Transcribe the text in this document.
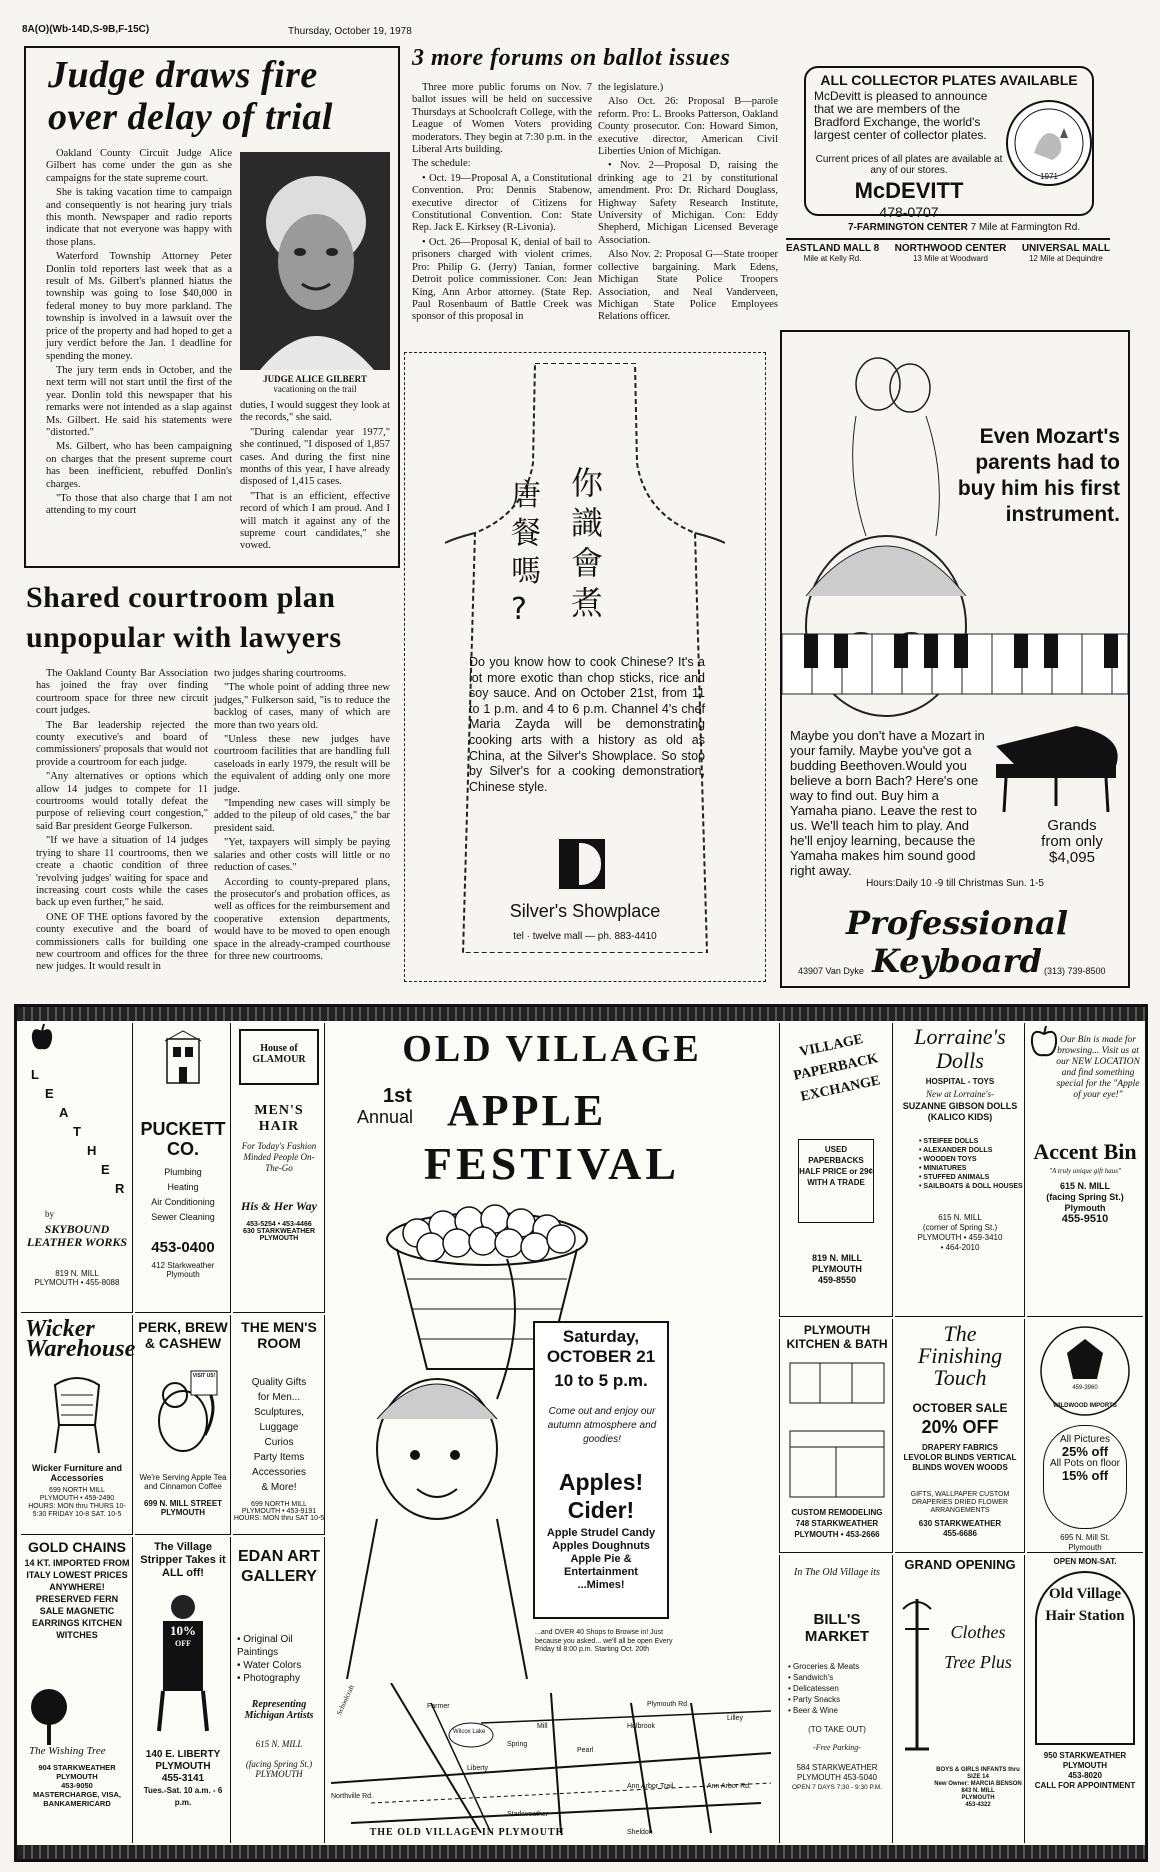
8A(O)(Wb-14D,S-9B,F-15C)	Thursday, October 19, 1978
Judge draws fire
over delay of trial

Oakland County Circuit Judge Alice Gilbert has come under the gun as she campaigns for the state supreme court.

She is taking vacation time to campaign and consequently is not hearing jury trials this month. Newspaper and radio reports indicate that not everyone was happy with those plans.

Waterford Township Attorney Peter Donlin told reporters last week that as a result of Ms. Gilbert's planned hiatus the township was going to lose $40,000 in federal money to buy more parkland. The township is involved in a lawsuit over the price of the property and had hoped to get a jury verdict before the Jan. 1 deadline for spending the money.

The jury term ends in October, and the next term will not start until the first of the year. Donlin told this newspaper that his remarks were not intended as a slap against Ms. Gilbert. He said his statements were "distorted."

Ms. Gilbert, who has been campaigning on charges that the present supreme court has been inefficient, rebuffed Donlin's charges.

"To those that also charge that I am not attending to my court

JUDGE ALICE GILBERT
vacationing on the trail

duties, I would suggest they look at the records," she said.

"During calendar year 1977," she continued, "I disposed of 1,857 cases. And during the first nine months of this year, I have already disposed of 1,415 cases.

"That is an efficient, effective record of which I am proud. And I will match it against any of the supreme court candidates," she vowed.

3 more forums on ballot issues

Three more public forums on Nov. 7 ballot issues will be held on successive Thursdays at Schoolcraft College, with the League of Women Voters providing moderators. They begin at 7:30 p.m. in the Liberal Arts building.

The schedule:

• Oct. 19—Proposal A, a Constitutional Convention. Pro: Dennis Stabenow, executive director of Citizens for Constitutional Convention. Con: State Rep. Jack E. Kirksey (R-Livonia).

• Oct. 26—Proposal K, denial of bail to prisoners charged with violent crimes. Pro: Philip G. (Jerry) Tanian, former Detroit police commissioner. Con: Jean King, Ann Arbor attorney. (State Rep. Paul Rosenbaum of Battle Creek was sponsor of this proposal in

the legislature.)

Also Oct. 26: Proposal B—parole reform. Pro: L. Brooks Patterson, Oakland County prosecutor. Con: Howard Simon, executive director, American Civil Liberties Union of Michigan.

• Nov. 2—Proposal D, raising the drinking age to 21 by constitutional amendment. Pro: Dr. Richard Douglass, Highway Safety Research Institute, University of Michigan. Con: Eddy Shepherd, Michigan Licensed Beverage Association.

Also Nov. 2: Proposal G—State trooper collective bargaining. Mark Edens, Michigan State Police Troopers Association, and Neal Vanderveen, Michigan State Police Employees Relations officer.

ALL COLLECTOR PLATES AVAILABLE
McDevitt is pleased to announce that we are members of the Bradford Exchange, the world's largest center of collector plates.
Current prices of all plates are available at any of our stores.
McDEVITT
478-0707
1971
7-FARMINGTON CENTER 7 Mile at Farmington Rd.
EASTLAND MALL 8
Mile at Kelly Rd.
NORTHWOOD CENTER
13 Mile at Woodward
UNIVERSAL MALL
12 Mile at Dequindre
你
識
會
煮
唐
餐
嗎
?
Do you know how to cook Chinese? It's a lot more exotic than chop sticks, rice and soy sauce. And on October 21st, from 11 to 1 p.m. and 4 to 6 p.m. Channel 4's chef Maria Zayda will be demonstrating cooking arts with a history as old as China, at the Silver's Showplace. So stop by Silver's for a cooking demonstration, Chinese style.
Silver's Showplace
tel · twelve mall — ph. 883-4410
Even Mozart's parents had to buy him his first instrument.
Maybe you don't have a Mozart in your family. Maybe you've got a budding Beethoven.Would you believe a born Bach? Here's one way to find out. Buy him a Yamaha piano. Leave the rest to us. We'll teach him to play. And he'll enjoy learning, because the Yamaha makes him sound good right away.
Grands
from only
$4,095
Hours:Daily 10 -9 till Christmas Sun. 1-5
Professional Keyboard
43907 Van Dyke	(313) 739-8500
Shared courtroom plan
unpopular with lawyers

The Oakland County Bar Association has joined the fray over finding courtroom space for three new circuit court judges.

The Bar leadership rejected the county executive's and board of commissioners' proposals that would not provide a courtroom for each judge.

"Any alternatives or options which allow 14 judges to compete for 11 courtrooms would totally defeat the purpose of relieving court congestion," said Bar president George Fulkerson.

"If we have a situation of 14 judges trying to share 11 courtrooms, then we create a chaotic condition of three 'revolving judges' waiting for space and increasing court costs while the cases back up even further," he said.

ONE OF THE options favored by the county executive and the board of commissioners calls for building one new courtroom and offices for the three new judges. It would result in

two judges sharing courtrooms.

"The whole point of adding three new judges," Fulkerson said, "is to reduce the backlog of cases, many of which are more than two years old.

"Unless these new judges have courtroom facilities that are handling full caseloads in early 1979, the result will be the equivalent of adding only one more judge.

"Impending new cases will simply be added to the pileup of old cases," the bar president said.

"Yet, taxpayers will simply be paying salaries and other costs will little or no reduction of cases."

According to county-prepared plans, the prosecutor's and probation offices, as well as offices for the reimbursement and cooperative extension departments, would have to be moved to open enough space in the already-cramped courthouse for three new courtrooms.

L
E
A
T
H
E
R
by
SKYBOUND LEATHER WORKS
819 N. MILL
PLYMOUTH • 455-8088
Wicker Warehouse
Wicker Furniture and Accessories
699 NORTH MILL
PLYMOUTH • 459-2490
HOURS: MON thru THURS 10-5:30 FRIDAY 10-8 SAT. 10-5
GOLD CHAINS
14 KT. IMPORTED FROM ITALY LOWEST PRICES ANYWHERE! PRESERVED FERN SALE MAGNETIC EARRINGS KITCHEN WITCHES
The Wishing Tree
904 STARKWEATHER
PLYMOUTH
453-9050
MASTERCHARGE, VISA, BANKAMERICARD
PUCKETT CO.
Plumbing
Heating
Air Conditioning
Sewer Cleaning
453-0400
412 Starkweather
Plymouth
PERK, BREW & CASHEW
VISIT US!
We're Serving Apple Tea and Cinnamon Coffee
699 N. MILL STREET
PLYMOUTH
The Village Stripper Takes it ALL off!
10%
OFF
140 E. LIBERTY
PLYMOUTH
455-3141
Tues.-Sat. 10 a.m. - 6 p.m.
House of GLAMOUR
MEN'S HAIR
For Today's Fashion Minded People On-The-Go
His & Her Way
453-5254 • 453-4466
630 STARKWEATHER PLYMOUTH
THE MEN'S ROOM
Quality Gifts
for Men...
Sculptures,
Luggage
Curios
Party Items
Accessories
& More!
699 NORTH MILL
PLYMOUTH • 453-9191
HOURS: MON thru SAT 10-5
EDAN ART GALLERY
• Original Oil Paintings
• Water Colors
• Photography
Representing Michigan Artists
615 N. MILL
(facing Spring St.)
PLYMOUTH
OLD VILLAGE
1st
Annual APPLE
FESTIVAL
Saturday,
OCTOBER 21
10 to 5 p.m.
Come out and enjoy our autumn atmosphere and goodies!
Apples!
Cider!
Apple Strudel Candy Apples Doughnuts Apple Pie & Entertainment ...Mimes!
...and OVER 40 Shops to Browse in! Just because you asked... we'll all be open Every Friday til 8:00 p.m. Starting Oct. 20th
Schoolcraft
Mill
Starkweather
Holbrook
Pearl
Liberty
Lilley
Spring
Sheldon
Northville Rd.
Ann Arbor Rd.
Ann Arbor Trail
Plymouth Rd.
Wilcox Lake
Farmer
THE OLD VILLAGE IN PLYMOUTH
VILLAGE PAPERBACK EXCHANGE
USED PAPERBACKS HALF PRICE or 29¢ WITH A TRADE
819 N. MILL
PLYMOUTH
459-8550
Lorraine's Dolls
HOSPITAL - TOYS
New at Lorraine's-
SUZANNE GIBSON DOLLS
(KALICO KIDS)
• STEIFEE DOLLS
• ALEXANDER DOLLS
• WOODEN TOYS
• MINIATURES
• STUFFED ANIMALS
• SAILBOATS & DOLL HOUSES
615 N. MILL
(corner of Spring St.)
PLYMOUTH • 459-3410
• 464-2010
Our Bin is made for browsing... Visit us at our NEW LOCATION and find something special for the "Apple of your eye!"
Accent Bin
"A truly unique gift haus"
615 N. MILL
(facing Spring St.)
Plymouth
455-9510
PLYMOUTH KITCHEN & BATH
CUSTOM REMODELING
748 STARKWEATHER
PLYMOUTH • 453-2666
The Finishing Touch
OCTOBER SALE
20% OFF
DRAPERY FABRICS LEVOLOR BLINDS VERTICAL BLINDS WOVEN WOODS
GIFTS, WALLPAPER CUSTOM DRAPERIES DRIED FLOWER ARRANGEMENTS
630 STARKWEATHER
455-6686
459-3960
WILDWOOD IMPORTS
All Pictures
25% off
All Pots on floor
15% off
695 N. Mill St.
Plymouth
In The Old Village its
BILL'S MARKET
• Groceries & Meats
• Sandwich's
• Delicatessen
• Party Snacks
• Beer & Wine
(TO TAKE OUT)
-Free Parking-
584 STARKWEATHER
PLYMOUTH 453-5040
OPEN 7 DAYS 7:30 - 9:30 P.M.
GRAND OPENING
Clothes Tree Plus
BOYS & GIRLS INFANTS thru SIZE 14
New Owner: MARCIA BENSON
843 N. MILL
PLYMOUTH
453-4322
OPEN MON-SAT.
Old Village Hair Station
950 STARKWEATHER
PLYMOUTH
453-8020
CALL FOR APPOINTMENT
